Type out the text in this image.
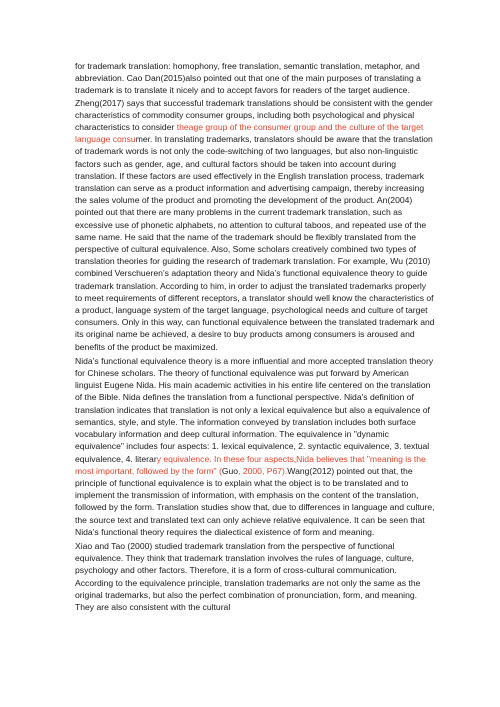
for trademark translation: homophony, free translation, semantic translation, metaphor, and abbreviation. Cao Dan(2015)also pointed out that one of the main purposes of translating a trademark is to translate it nicely and to accept favors for readers of the target audience. Zheng(2017) says that successful trademark translations should be consistent with the gender characteristics of commodity consumer groups, including both psychological and physical characteristics to consider theage group of the consumer group and the culture of the target language consumer. In translating trademarks, translators should be aware that the translation of trademark words is not only the code-switching of two languages, but also non-linguistic factors such as gender, age, and cultural factors should be taken into account during translation. If these factors are used effectively in the English translation process, trademark translation can serve as a product information and advertising campaign, thereby increasing the sales volume of the product and promoting the development of the product. An(2004) pointed out that there are many problems in the current trademark translation, such as excessive use of phonetic alphabets, no attention to cultural taboos, and repeated use of the same name. He said that the name of the trademark should be flexibly translated from the perspective of cultural equivalence. Also, Some scholars creatively combined two types of translation theories for guiding the research of trademark translation. For example, Wu (2010) combined Verschueren’s adaptation theory and Nida’s functional equivalence theory to guide trademark translation. According to him, in order to adjust the translated trademarks properly to meet requirements of different receptors, a translator should well know the characteristics of a product, language system of the target language, psychological needs and culture of target consumers. Only in this way, can functional equivalence between the translated trademark and its original name be achieved, a desire to buy products among consumers is aroused and benefits of the product be maximized.

Nida’s functional equivalence theory is a more influential and more accepted translation theory for Chinese scholars. The theory of functional equivalence was put forward by American linguist Eugene Nida. His main academic activities in his entire life centered on the translation of the Bible. Nida defines the translation from a functional perspective. Nida's definition of translation indicates that translation is not only a lexical equivalence but also a equivalence of semantics, style, and style. The information conveyed by translation includes both surface vocabulary information and deep cultural information. The equivalence in "dynamic equivalence" includes four aspects: 1. lexical equivalence, 2. syntactic equivalence, 3. textual equivalence, 4. literary equivalence. In these four aspects,Nida believes that "meaning is the most important, followed by the form" (Guo, 2000, P67).Wang(2012) pointed out that, the principle of functional equivalence is to explain what the object is to be translated and to implement the transmission of information, with emphasis on the content of the translation, followed by the form. Translation studies show that, due to differences in language and culture, the source text and translated text can only achieve relative equivalence. It can be seen that Nida’s functional theory requires the dialectical existence of form and meaning.

Xiao and Tao (2000) studied trademark translation from the perspective of functional equivalence. They think that trademark translation involves the rules of language, culture, psychology and other factors. Therefore, it is a form of cross-cultural communication. According to the equivalence principle, translation trademarks are not only the same as the original trademarks, but also the perfect combination of pronunciation, form, and meaning. They are also consistent with the cultural
